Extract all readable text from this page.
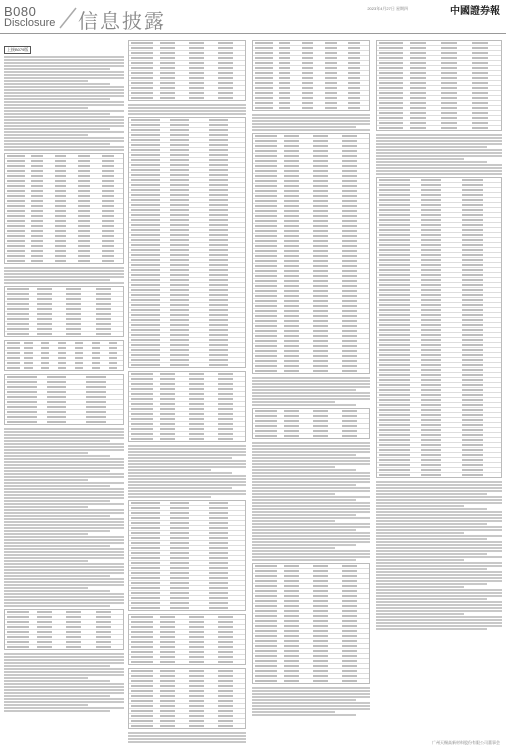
B080
Disclosure 信息披露
2023年4月27日 星期四	中國證券報
上接B079版
广州天赐高新材料股份有限公司董事会
